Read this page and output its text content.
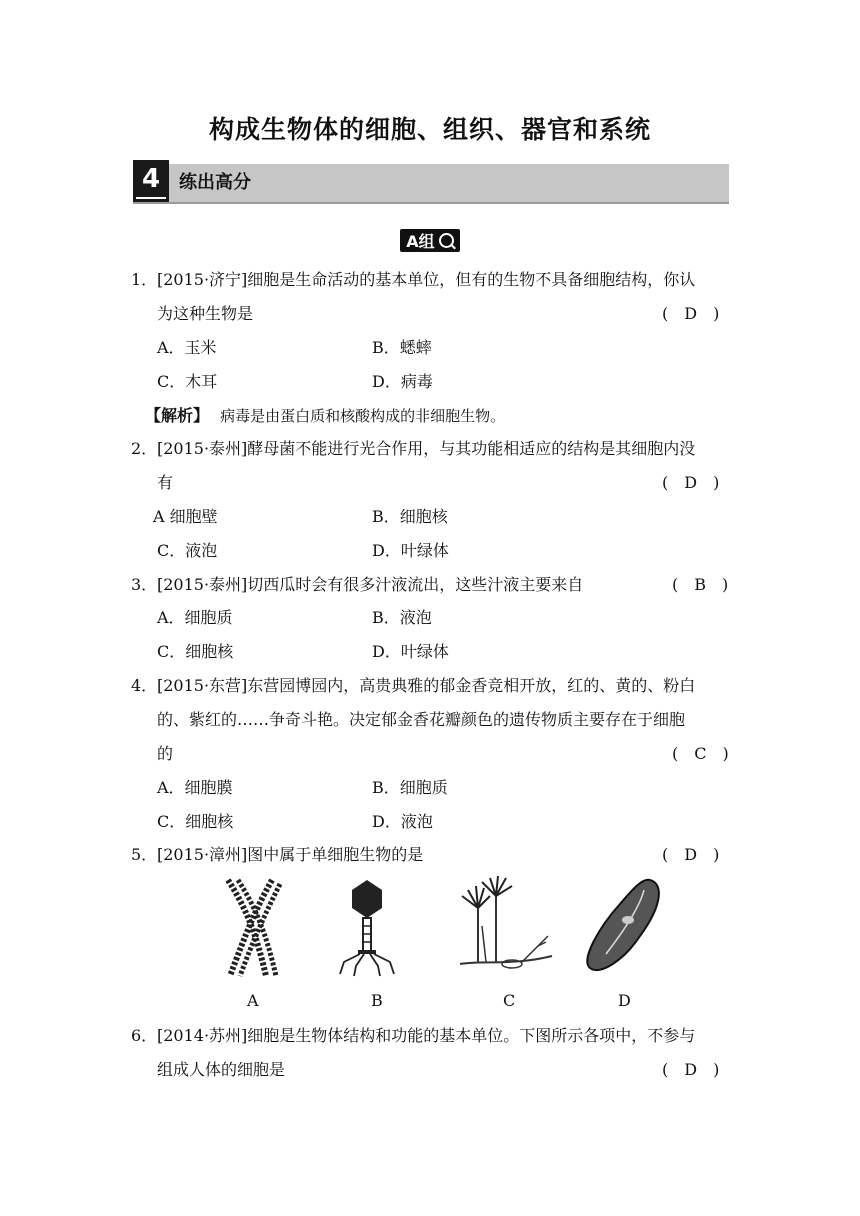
构成生物体的细胞、组织、器官和系统
4	练出高分
A组
1． [2015·济宁]细胞是生命活动的基本单位，但有的生物不具备细胞结构，你认
为这种生物是	(　D　)
A．玉米	B．蟋蟀
C．木耳	D．病毒
【解析】 病毒是由蛋白质和核酸构成的非细胞生物。
2． [2015·泰州]酵母菌不能进行光合作用，与其功能相适应的结构是其细胞内没
有	(　D　)
A 细胞壁	B．细胞核
C．液泡	D．叶绿体
3． [2015·泰州]切西瓜时会有很多汁液流出，这些汁液主要来自	(　B　)
A．细胞质	B．液泡
C．细胞核	D．叶绿体
4． [2015·东营]东营园博园内，高贵典雅的郁金香竞相开放，红的、黄的、粉白
的、紫红的……争奇斗艳。决定郁金香花瓣颜色的遗传物质主要存在于细胞
的	(　C　)
A．细胞膜	B．细胞质
C．细胞核	D．液泡
5． [2015·漳州]图中属于单细胞生物的是	(　D　)
A	B	C	D
6． [2014·苏州]细胞是生物体结构和功能的基本单位。下图所示各项中，不参与
组成人体的细胞是	(　D　)
